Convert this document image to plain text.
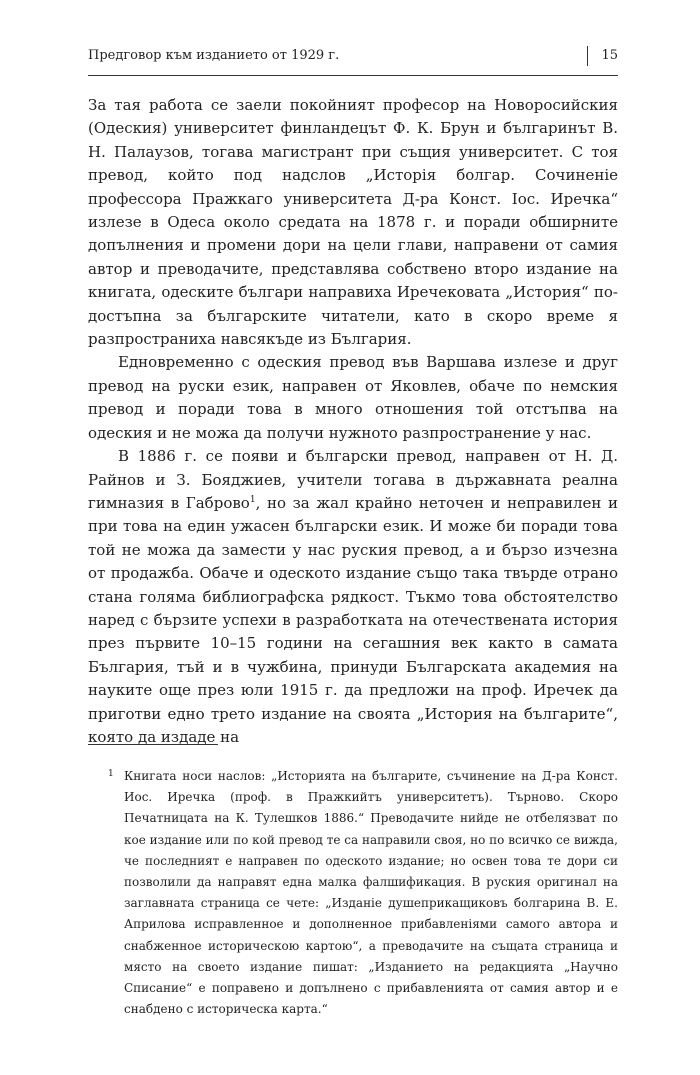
Предговор към изданието от 1929 г.	15

За тая работа се заели покойният професор на Новоросийския (Одеския) университет финландецът Ф. К. Брун и българинът В. Н. Палаузов, тогава магистрант при същия университет. С тоя превод, който под надслов „Исторія болгар. Сочиненіе профессора Пражкаго университета Д-ра Конст. Іос. Иречка“ излезе в Одеса около средата на 1878 г. и поради обширните допълнения и промени дори на цели глави, направени от самия автор и преводачите, представлява собствено второ издание на книгата, одеските българи направиха Иречековата „История“ по-достъпна за българските читатели, като в скоро време я разпространиха навсякъде из България.

Едновременно с одеския превод във Варшава излезе и друг превод на руски език, направен от Яковлев, обаче по немския превод и поради това в много отношения той отстъпва на одеския и не можа да получи нужното разпространение у нас.

В 1886 г. се появи и български превод, направен от Н. Д. Райнов и З. Бояджиев, учители тогава в държавната реална гимназия в Габрово$^1$, но за жал крайно неточен и неправилен и при това на един ужасен български език. И може би поради това той не можа да замести у нас руския превод, а и бързо изчезна от продажба. Обаче и одеското издание също така твърде отрано стана голяма библиографска рядкост. Тъкмо това обстоятелство наред с бързите успехи в разработката на отечествената история през първите 10–15 години на сегашния век както в самата България, тъй и в чужбина, принуди Българската академия на науките още през юли 1915 г. да предложи на проф. Иречек да приготви едно трето издание на своята „История на българите“, която да издаде на

1 Книгата носи наслов: „Историята на българите, съчинение на Д-ра Конст. Иос. Иречка (проф. в Пражкийтъ университетъ). Търново. Скоро Печатницата на К. Тулешков 1886.“ Преводачите нийде не отбелязват по кое издание или по кой превод те са направили своя, но по всичко се вижда, че последният е направен по одеското издание; но освен това те дори си позволили да направят една малка фалшификация. В руския оригинал на заглавната страница се чете: „Изданіе душеприкащиковъ болгарина В. Е. Априлова исправленное и дополненное прибавленіями самого автора и снабженное историческою картою“, а преводачите на същата страница и място на своето издание пишат: „Изданието на редакцията „Научно Списание“ е поправено и допълнено с прибавленията от самия автор и е снабдено с историческа карта.“
